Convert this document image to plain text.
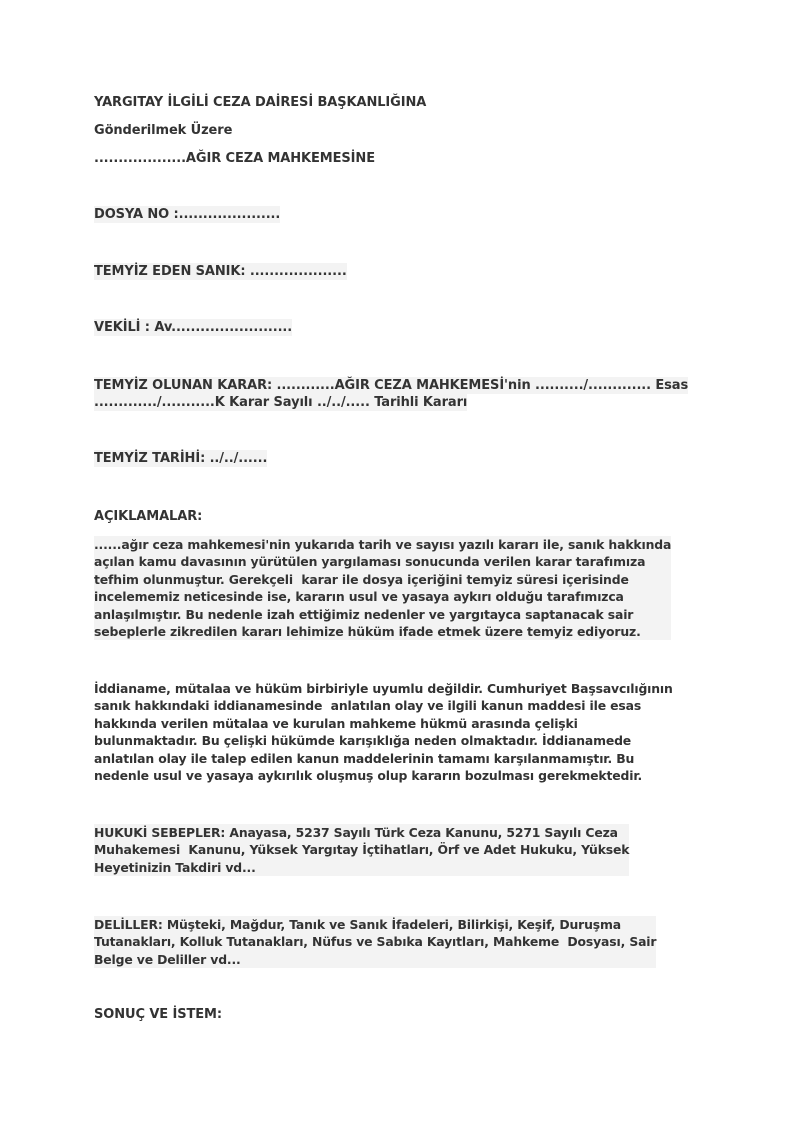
YARGITAY İLGİLİ CEZA DAİRESİ BAŞKANLIĞINA
Gönderilmek Üzere
...................AĞIR CEZA MAHKEMESİNE
DOSYA NO :.....................
TEMYİZ EDEN SANIK: ....................
VEKİLİ : Av.........................
TEMYİZ OLUNAN KARAR: ............AĞIR CEZA MAHKEMESİ'nin ........../............. Esas
............./...........K Karar Sayılı ../../..... Tarihli Kararı
TEMYİZ TARİHİ: ../../......
AÇIKLAMALAR:
......ağır ceza mahkemesi'nin yukarıda tarih ve sayısı yazılı kararı ile, sanık hakkında
açılan kamu davasının yürütülen yargılaması sonucunda verilen karar tarafımıza
tefhim olunmuştur. Gerekçeli  karar ile dosya içeriğini temyiz süresi içerisinde
incelememiz neticesinde ise, kararın usul ve yasaya aykırı olduğu tarafımızca
anlaşılmıştır. Bu nedenle izah ettiğimiz nedenler ve yargıtayca saptanacak sair
sebeplerle zikredilen kararı lehimize hüküm ifade etmek üzere temyiz ediyoruz.
İddianame, mütalaa ve hüküm birbiriyle uyumlu değildir. Cumhuriyet Başsavcılığının
sanık hakkındaki iddianamesinde  anlatılan olay ve ilgili kanun maddesi ile esas
hakkında verilen mütalaa ve kurulan mahkeme hükmü arasında çelişki
bulunmaktadır. Bu çelişki hükümde karışıklığa neden olmaktadır. İddianamede
anlatılan olay ile talep edilen kanun maddelerinin tamamı karşılanmamıştır. Bu
nedenle usul ve yasaya aykırılık oluşmuş olup kararın bozulması gerekmektedir.
HUKUKİ SEBEPLER: Anayasa, 5237 Sayılı Türk Ceza Kanunu, 5271 Sayılı Ceza
Muhakemesi  Kanunu, Yüksek Yargıtay İçtihatları, Örf ve Adet Hukuku, Yüksek
Heyetinizin Takdiri vd...
DELİLLER: Müşteki, Mağdur, Tanık ve Sanık İfadeleri, Bilirkişi, Keşif, Duruşma
Tutanakları, Kolluk Tutanakları, Nüfus ve Sabıka Kayıtları, Mahkeme  Dosyası, Sair
Belge ve Deliller vd...
SONUÇ VE İSTEM:
